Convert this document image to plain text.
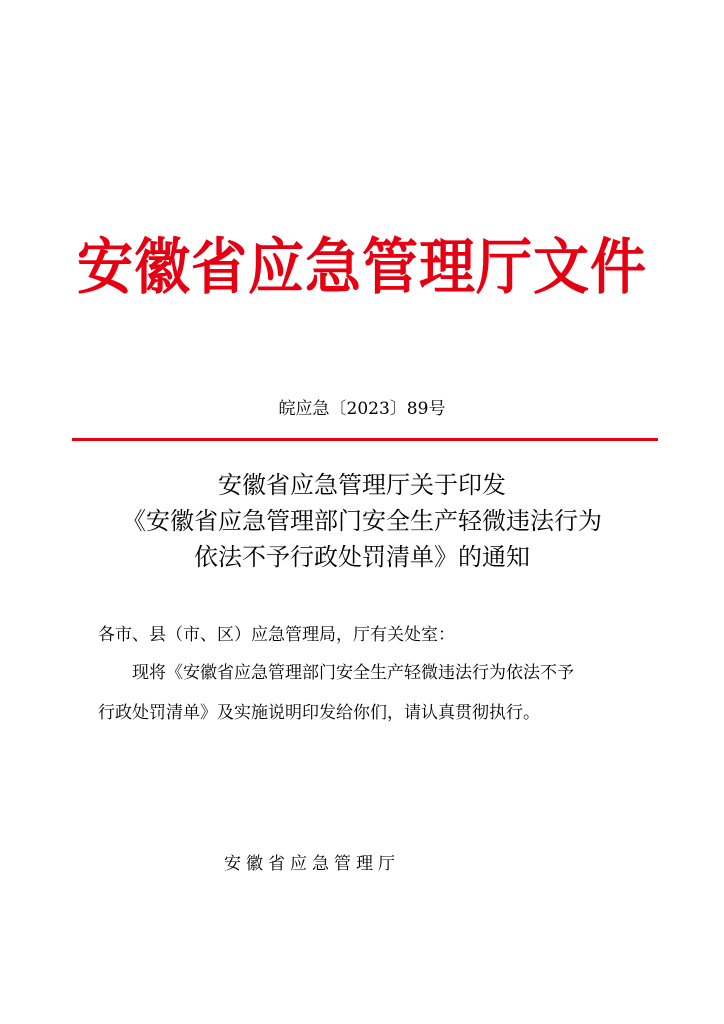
安徽省应急管理厅文件
皖应急〔2023〕89号
安徽省应急管理厅关于印发
《安徽省应急管理部门安全生产轻微违法行为
依法不予行政处罚清单》的通知
各市、县（市、区）应急管理局，厅有关处室：
现将《安徽省应急管理部门安全生产轻微违法行为依法不予
行政处罚清单》及实施说明印发给你们，请认真贯彻执行。
安徽省应急管理厅
